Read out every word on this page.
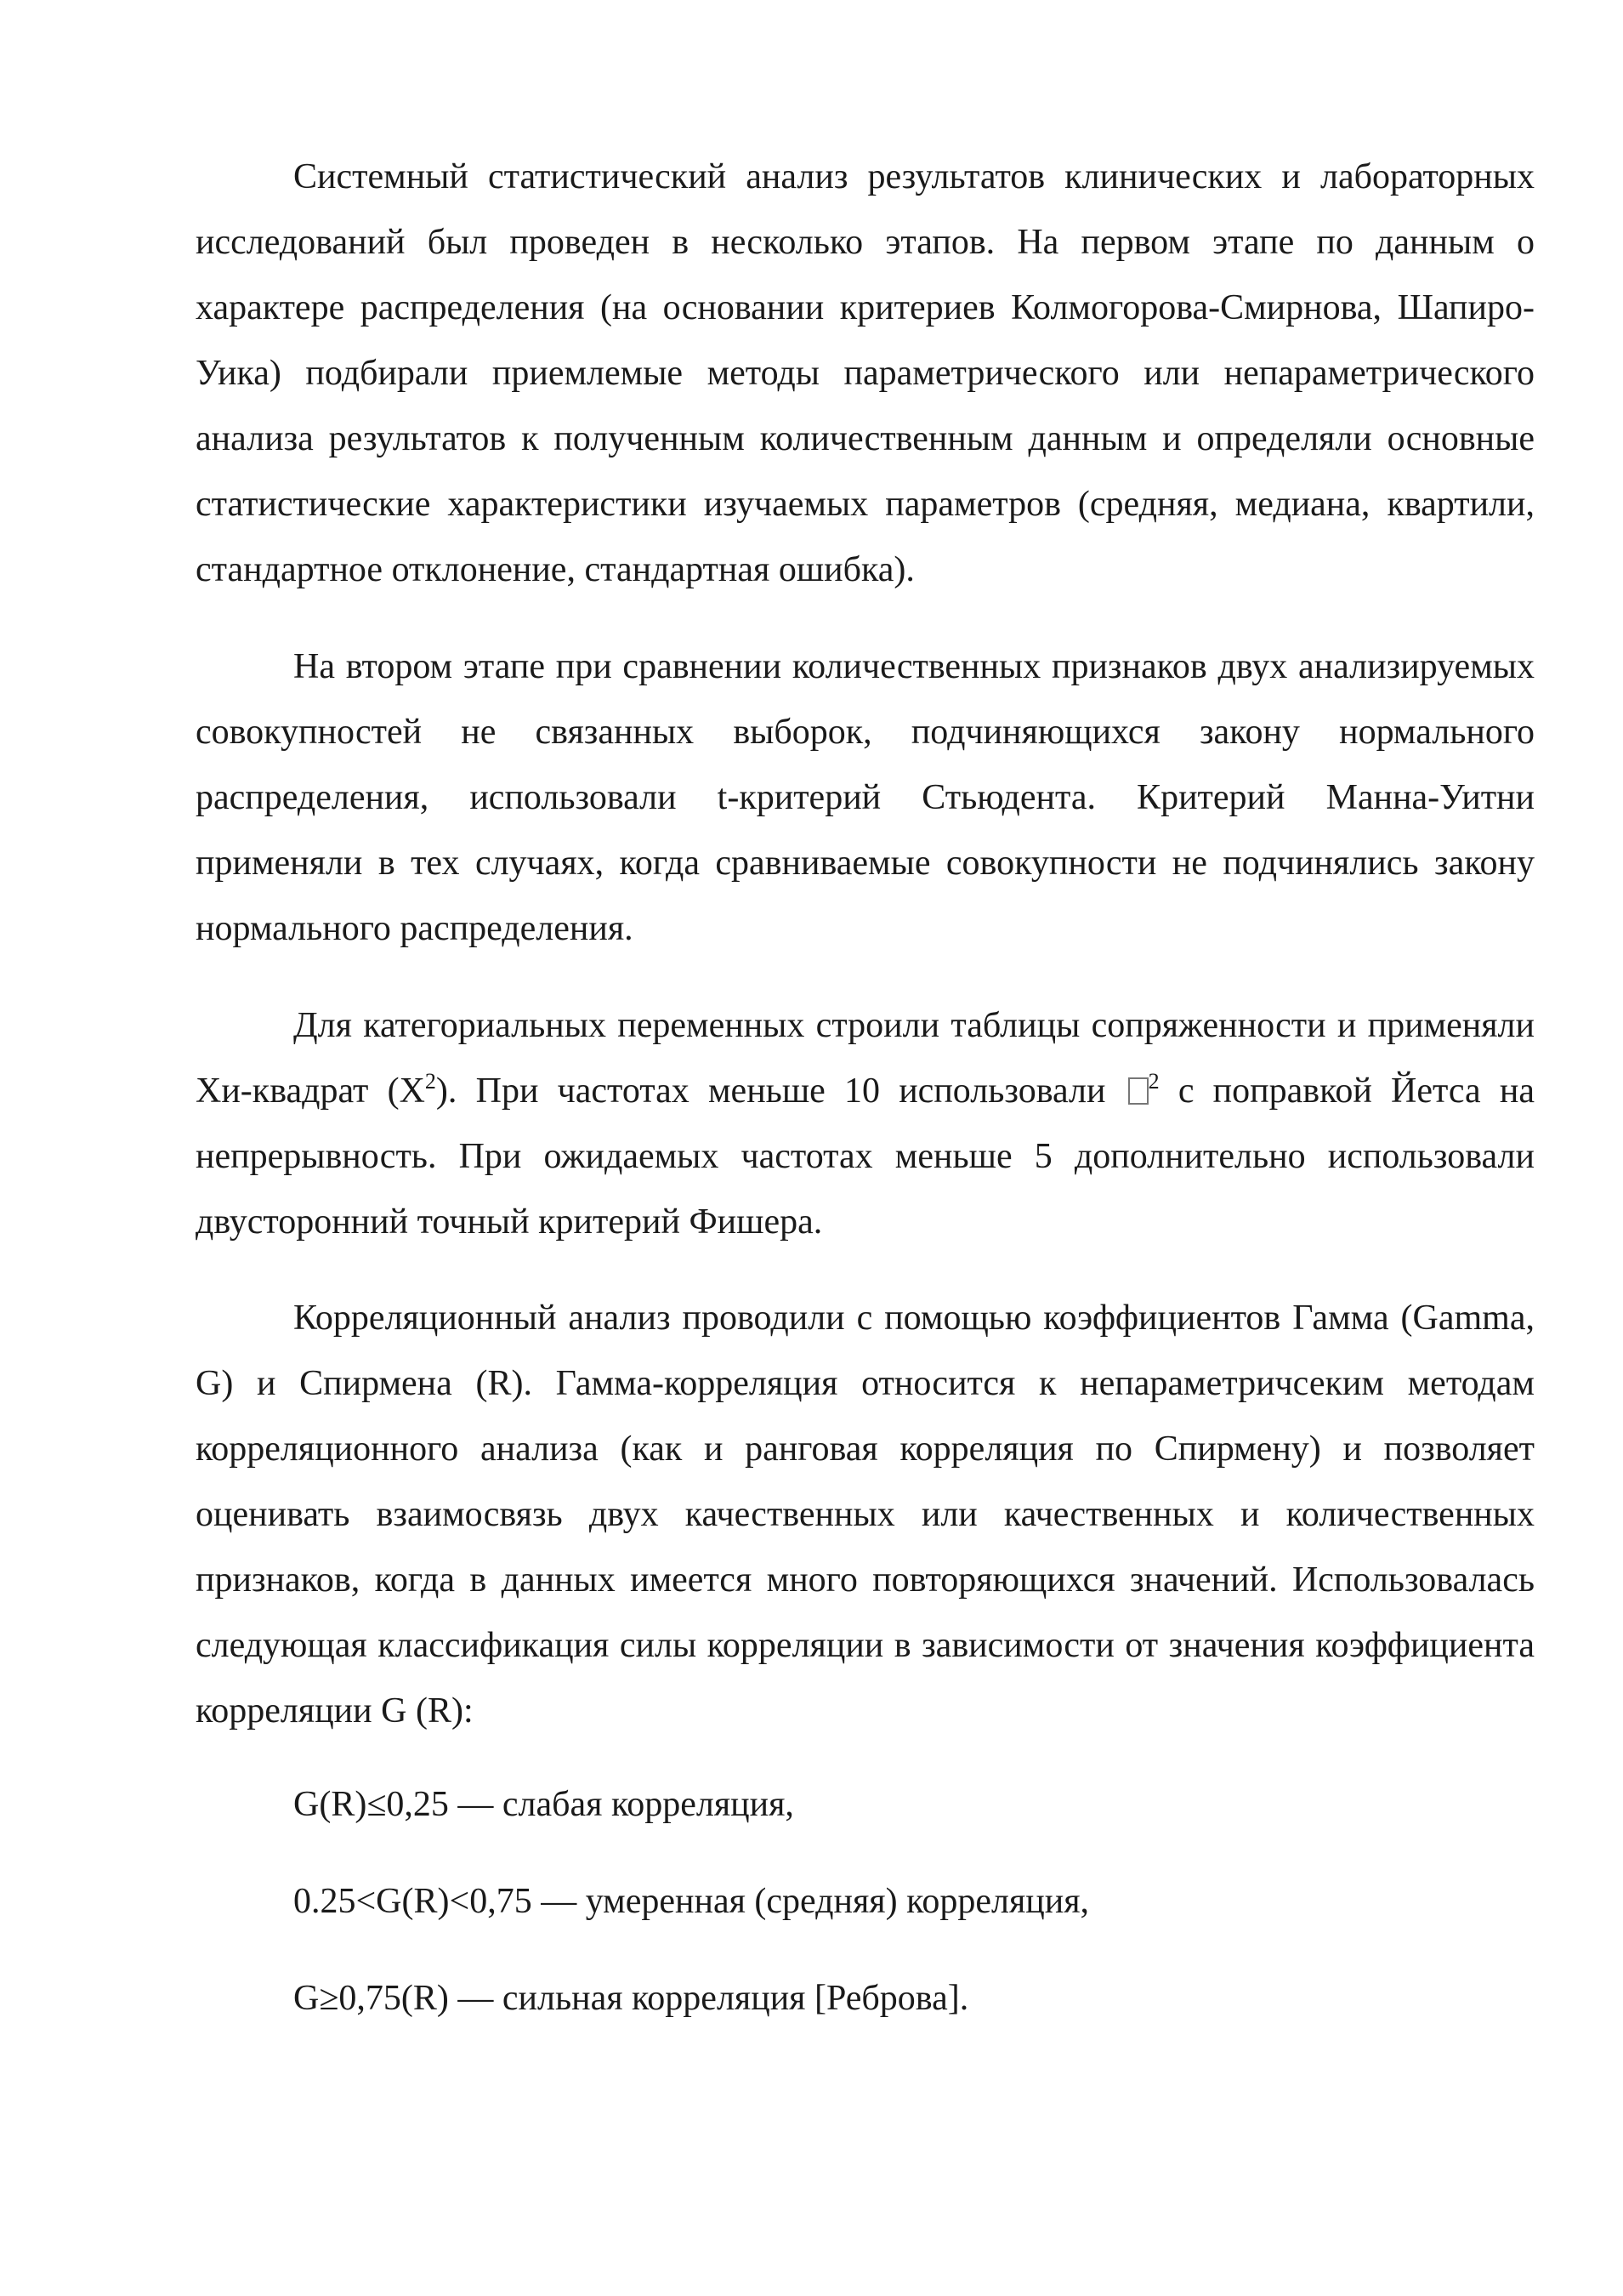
Системный статистический анализ результатов клинических и лабораторных исследований был проведен в несколько этапов. На первом этапе по данным о характере распределения (на основании критериев Колмогорова-Смирнова, Шапиро-Уика) подбирали приемлемые методы параметрического или непараметрического анализа результатов к полученным количественным данным и определяли основные статистические характеристики изучаемых параметров (средняя, медиана, квартили, стандартное отклонение, стандартная ошибка).

На втором этапе при сравнении количественных признаков двух анализируемых совокупностей не связанных выборок, подчиняющихся закону нормального распределения, использовали t-критерий Стьюдента. Критерий Манна-Уитни применяли в тех случаях, когда сравниваемые совокупности не подчинялись закону нормального распределения.

Для категориальных переменных строили таблицы сопряженности и применяли Хи-квадрат $(X^2)$. При частотах меньше 10 использовали $^2$ с поправкой Йетса на непрерывность. При ожидаемых частотах меньше 5 дополнительно использовали двусторонний точный критерий Фишера.

Корреляционный анализ проводили с помощью коэффициентов Гамма (Gamma, G) и Спирмена (R). Гамма-корреляция относится к непараметричсеким методам корреляционного анализа (как и ранговая корреляция по Спирмену) и позволяет оценивать взаимосвязь двух качественных или качественных и количественных признаков, когда в данных имеется много повторяющихся значений. Использовалась следующая классификация силы корреляции в зависимости от значения коэффициента корреляции G (R):

G(R)≤0,25 — слабая корреляция,

0.25<G(R)<0,75 — умеренная (средняя) корреляция,

G≥0,75(R) — сильная корреляция [Реброва].
